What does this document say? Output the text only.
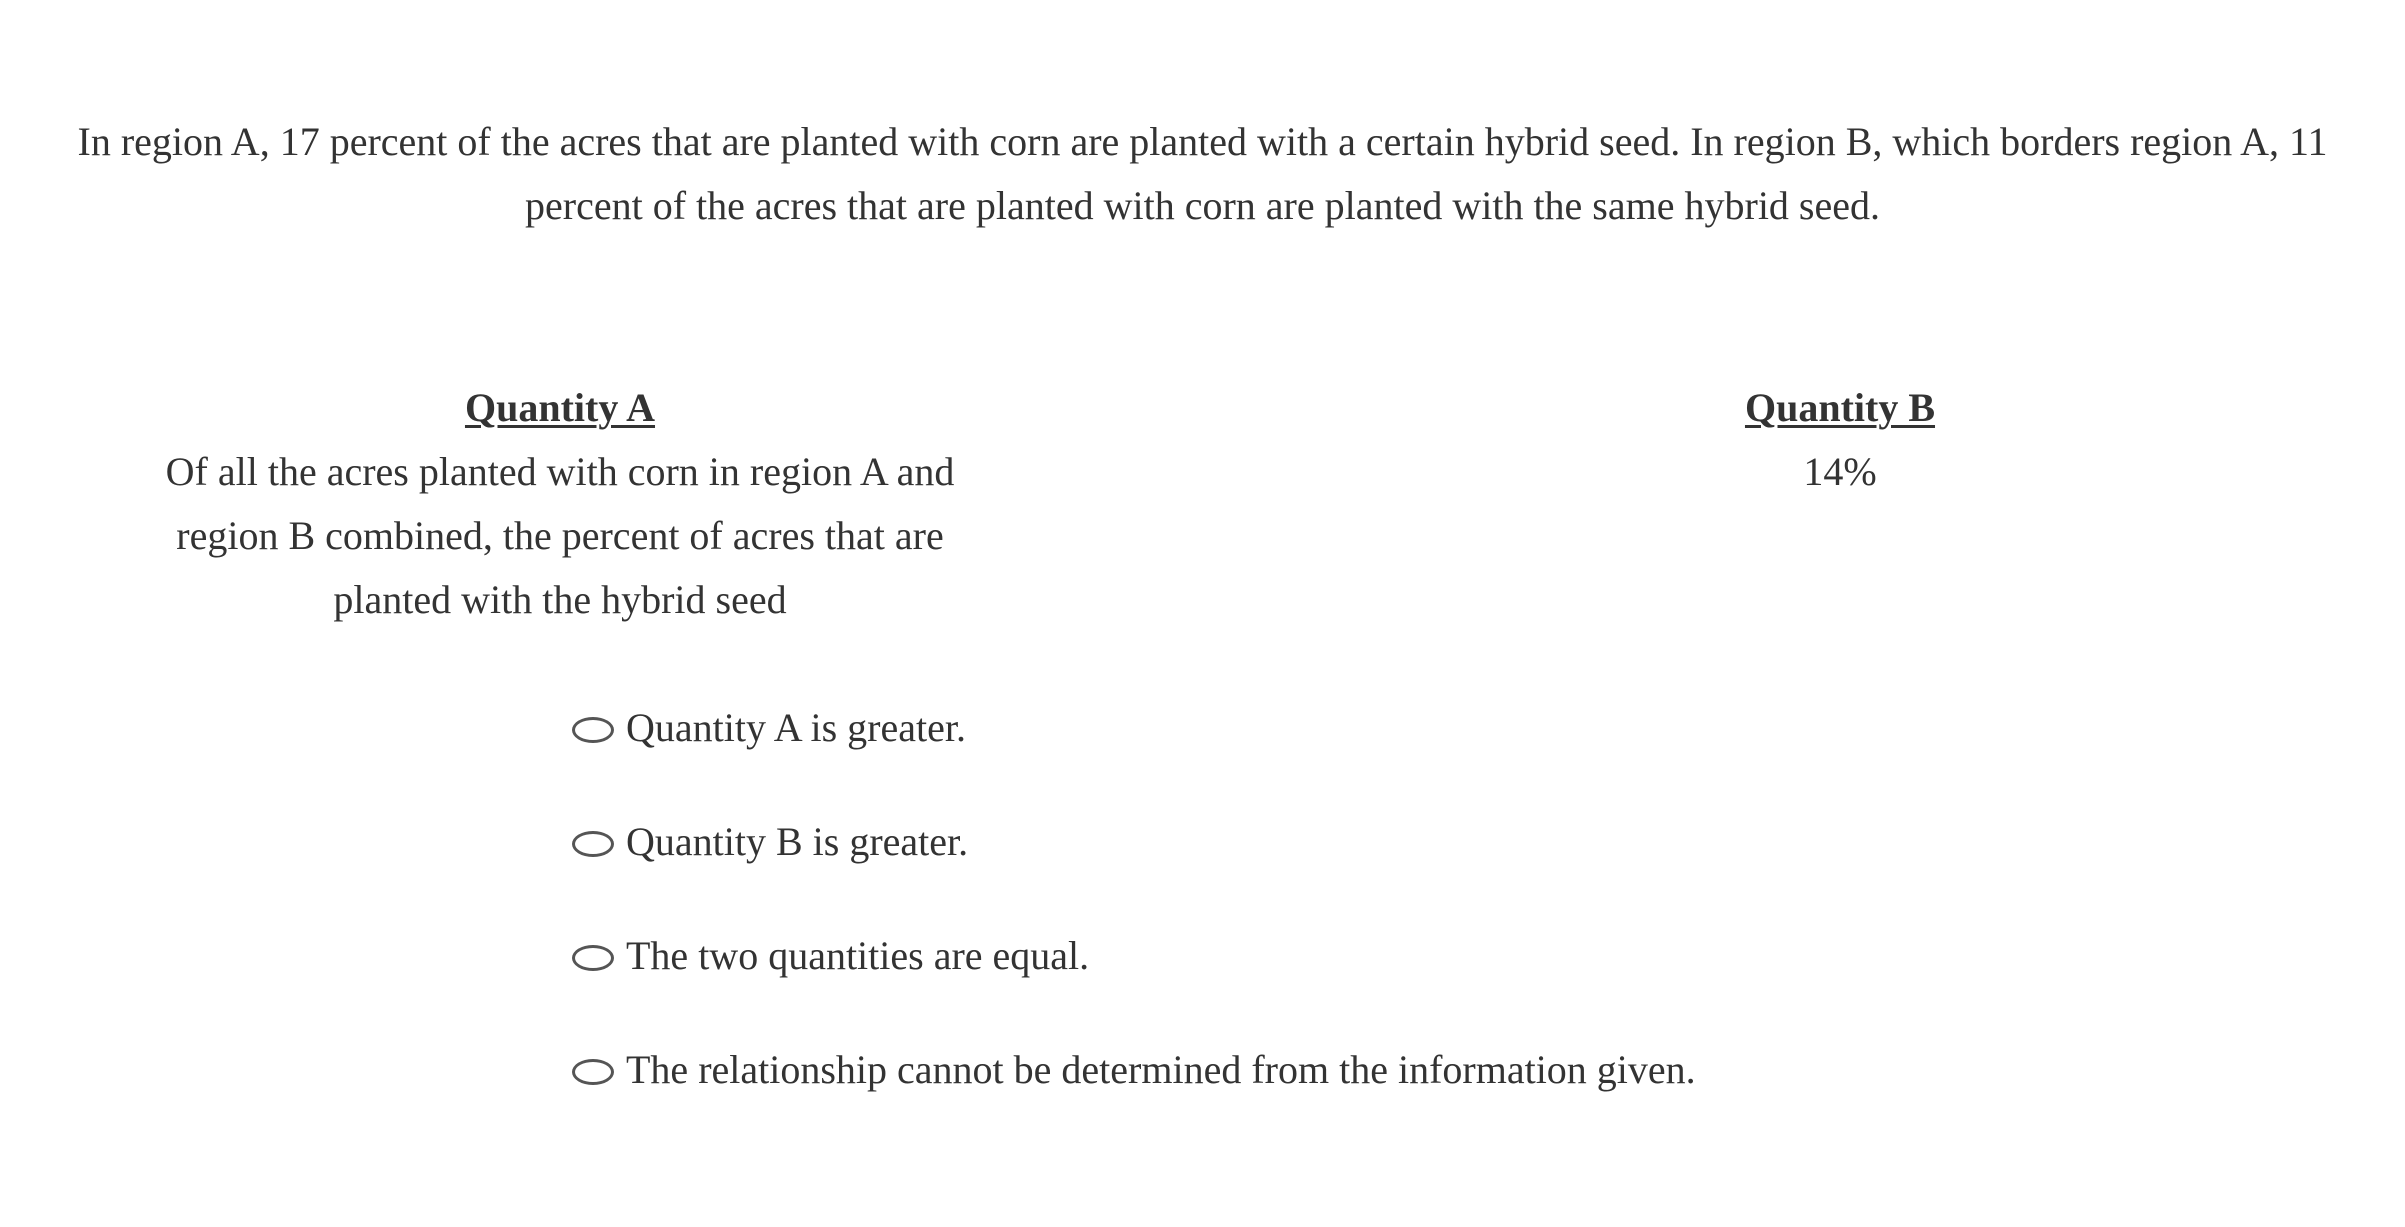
In region A, 17 percent of the acres that are planted with corn are planted with a certain hybrid seed. In region B, which borders region A, 11 percent of the acres that are planted with corn are planted with the same hybrid seed.
Quantity A
Of all the acres planted with corn in region A and region B combined, the percent of acres that are planted with the hybrid seed
Quantity B
14%
Quantity A is greater.
Quantity B is greater.
The two quantities are equal.
The relationship cannot be determined from the information given.
